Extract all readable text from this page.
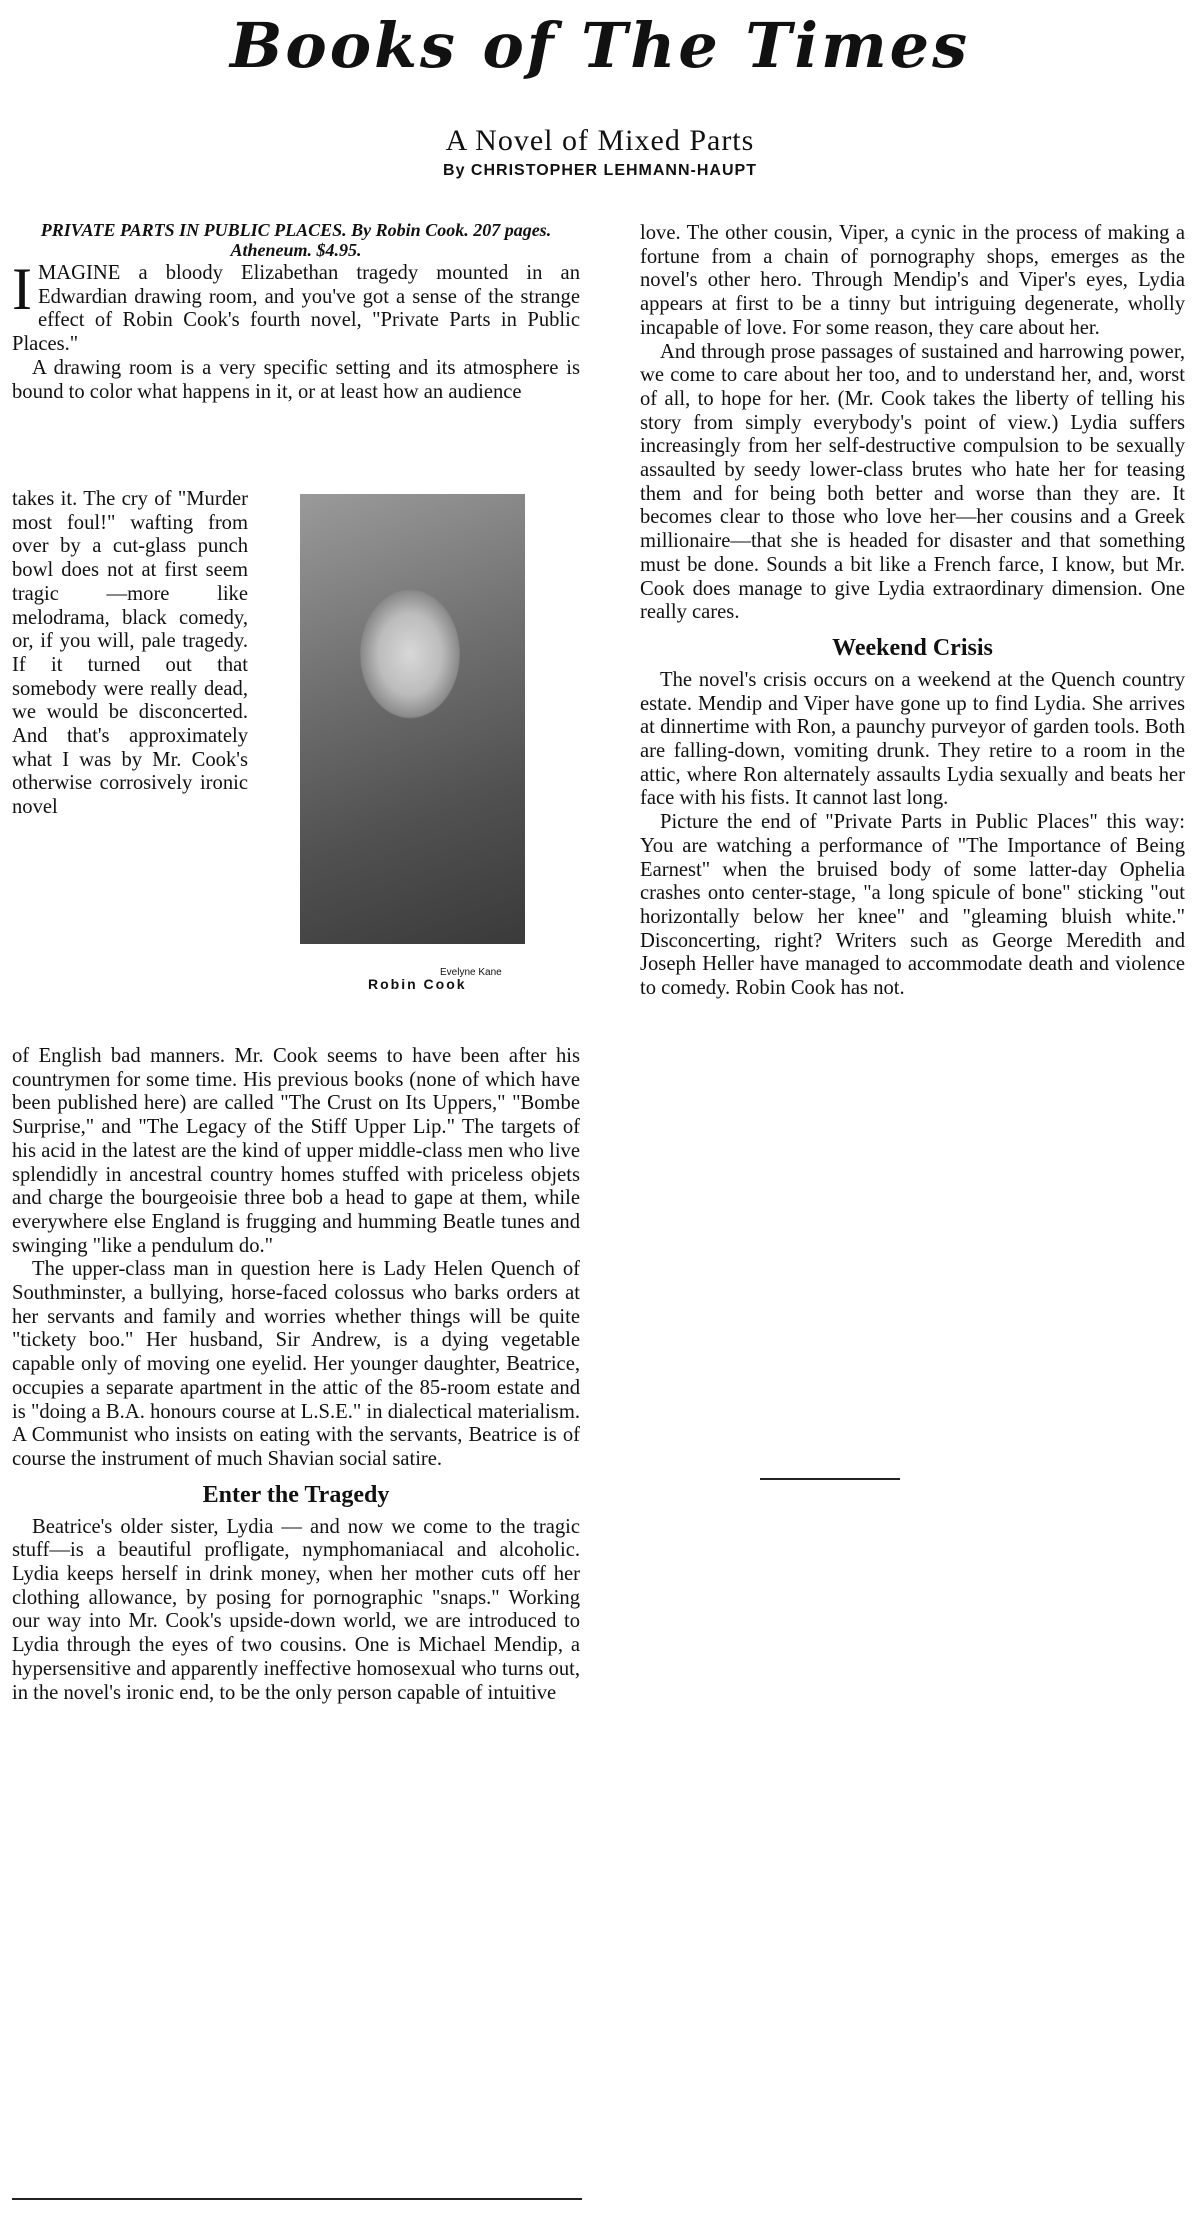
Books of The Times
A Novel of Mixed Parts
By CHRISTOPHER LEHMANN-HAUPT
PRIVATE PARTS IN PUBLIC PLACES. By Robin Cook. 207 pages. Atheneum. $4.95.

IMAGINE a bloody Elizabethan tragedy mounted in an Edwardian drawing room, and you've got a sense of the strange effect of Robin Cook's fourth novel, "Private Parts in Public Places."

A drawing room is a very specific setting and its atmosphere is bound to color what happens in it, or at least how an audience

takes it. The cry of "Murder most foul!" wafting from over by a cut-glass punch bowl does not at first seem tragic —more like melodrama, black comedy, or, if you will, pale tragedy. If it turned out that somebody were really dead, we would be disconcerted. And that's approximately what I was by Mr. Cook's otherwise corrosively ironic novel

Evelyne Kane
Robin Cook

of English bad manners. Mr. Cook seems to have been after his countrymen for some time. His previous books (none of which have been published here) are called "The Crust on Its Uppers," "Bombe Surprise," and "The Legacy of the Stiff Upper Lip." The targets of his acid in the latest are the kind of upper middle-class men who live splendidly in ancestral country homes stuffed with priceless objets and charge the bourgeoisie three bob a head to gape at them, while everywhere else England is frugging and humming Beatle tunes and swinging "like a pendulum do."

The upper-class man in question here is Lady Helen Quench of Southminster, a bullying, horse-faced colossus who barks orders at her servants and family and worries whether things will be quite "tickety boo." Her husband, Sir Andrew, is a dying vegetable capable only of moving one eyelid. Her younger daughter, Beatrice, occupies a separate apartment in the attic of the 85-room estate and is "doing a B.A. honours course at L.S.E." in dialectical materialism. A Communist who insists on eating with the servants, Beatrice is of course the instrument of much Shavian social satire.

Enter the Tragedy

Beatrice's older sister, Lydia — and now we come to the tragic stuff—is a beautiful profligate, nymphomaniacal and alcoholic. Lydia keeps herself in drink money, when her mother cuts off her clothing allowance, by posing for pornographic "snaps." Working our way into Mr. Cook's upside-down world, we are introduced to Lydia through the eyes of two cousins. One is Michael Mendip, a hypersensitive and apparently ineffective homosexual who turns out, in the novel's ironic end, to be the only person capable of intuitive

love. The other cousin, Viper, a cynic in the process of making a fortune from a chain of pornography shops, emerges as the novel's other hero. Through Mendip's and Viper's eyes, Lydia appears at first to be a tinny but intriguing degenerate, wholly incapable of love. For some reason, they care about her.

And through prose passages of sustained and harrowing power, we come to care about her too, and to understand her, and, worst of all, to hope for her. (Mr. Cook takes the liberty of telling his story from simply everybody's point of view.) Lydia suffers increasingly from her self-destructive compulsion to be sexually assaulted by seedy lower-class brutes who hate her for teasing them and for being both better and worse than they are. It becomes clear to those who love her—her cousins and a Greek millionaire—that she is headed for disaster and that something must be done. Sounds a bit like a French farce, I know, but Mr. Cook does manage to give Lydia extraordinary dimension. One really cares.

Weekend Crisis

The novel's crisis occurs on a weekend at the Quench country estate. Mendip and Viper have gone up to find Lydia. She arrives at dinnertime with Ron, a paunchy purveyor of garden tools. Both are falling-down, vomiting drunk. They retire to a room in the attic, where Ron alternately assaults Lydia sexually and beats her face with his fists. It cannot last long.

Picture the end of "Private Parts in Public Places" this way: You are watching a performance of "The Importance of Being Earnest" when the bruised body of some latter-day Ophelia crashes onto center-stage, "a long spicule of bone" sticking "out horizontally below her knee" and "gleaming bluish white." Disconcerting, right? Writers such as George Meredith and Joseph Heller have managed to accommodate death and violence to comedy. Robin Cook has not.
